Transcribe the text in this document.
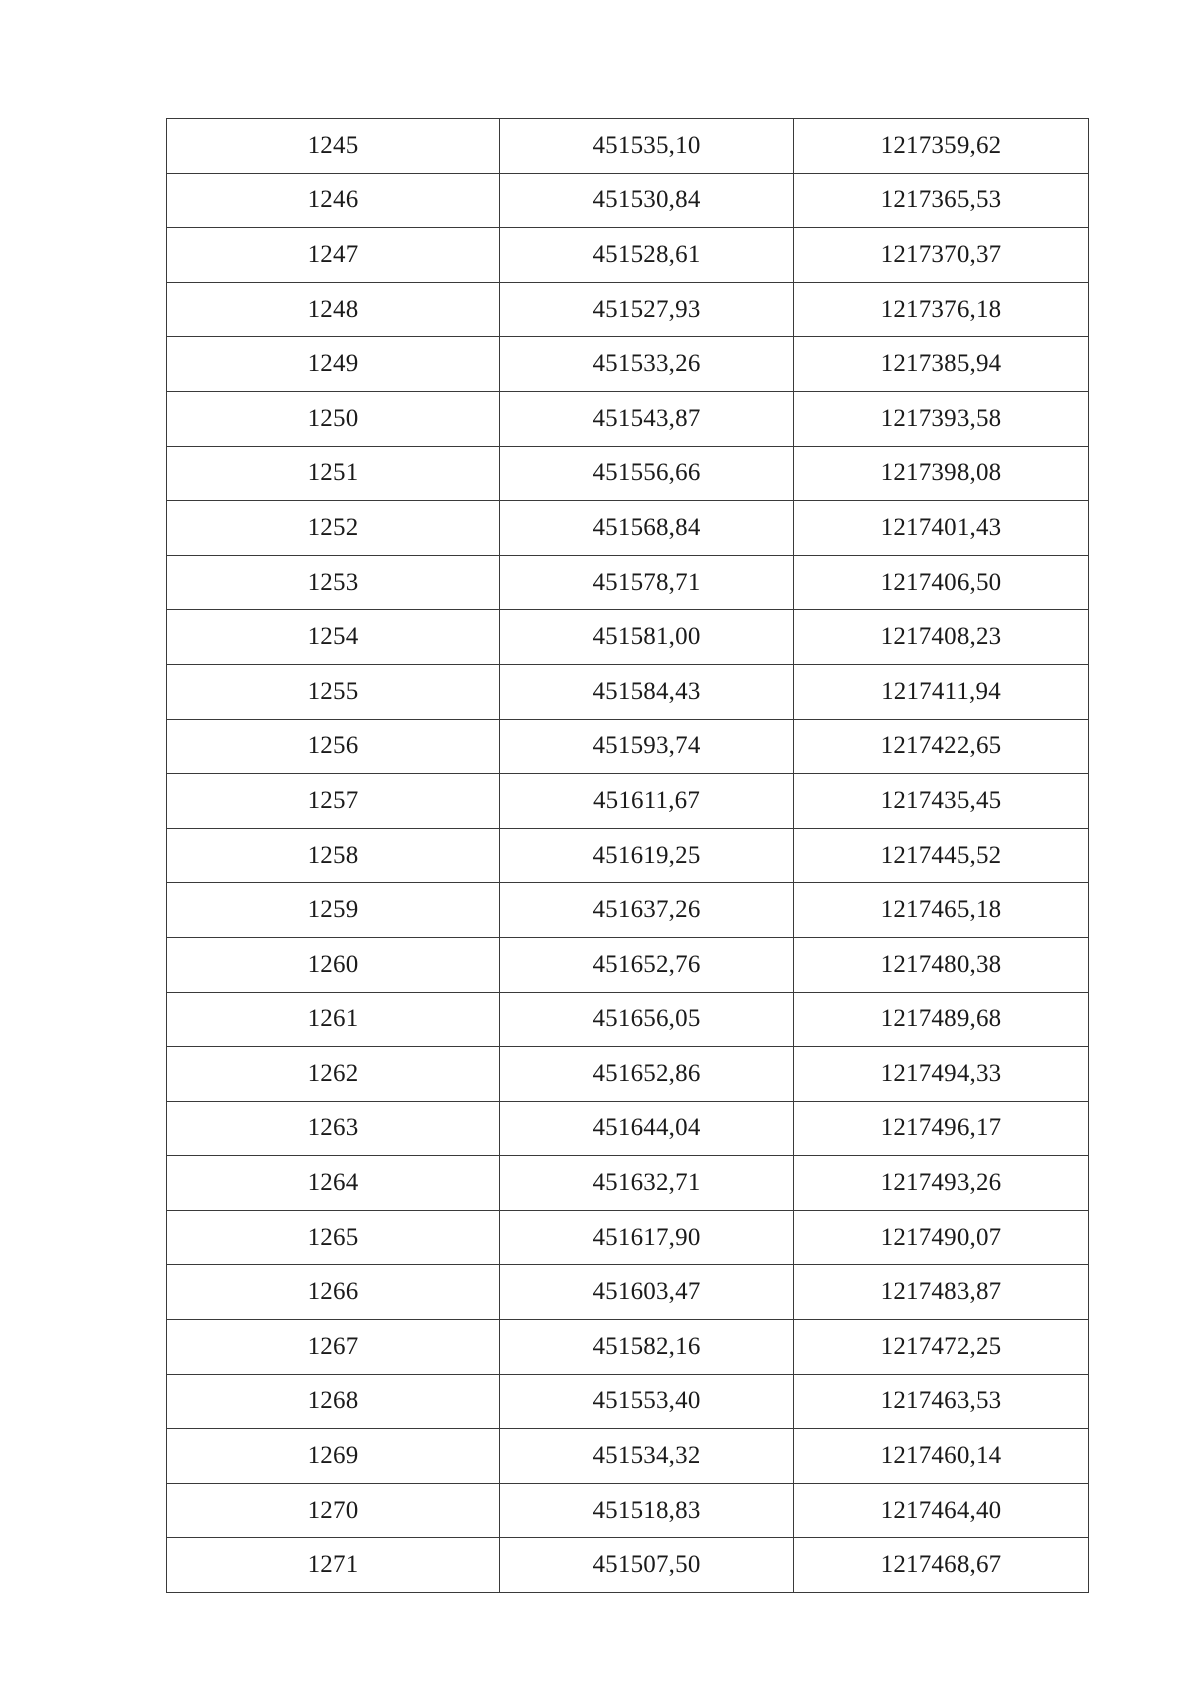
1245	451535,10	1217359,62
1246	451530,84	1217365,53
1247	451528,61	1217370,37
1248	451527,93	1217376,18
1249	451533,26	1217385,94
1250	451543,87	1217393,58
1251	451556,66	1217398,08
1252	451568,84	1217401,43
1253	451578,71	1217406,50
1254	451581,00	1217408,23
1255	451584,43	1217411,94
1256	451593,74	1217422,65
1257	451611,67	1217435,45
1258	451619,25	1217445,52
1259	451637,26	1217465,18
1260	451652,76	1217480,38
1261	451656,05	1217489,68
1262	451652,86	1217494,33
1263	451644,04	1217496,17
1264	451632,71	1217493,26
1265	451617,90	1217490,07
1266	451603,47	1217483,87
1267	451582,16	1217472,25
1268	451553,40	1217463,53
1269	451534,32	1217460,14
1270	451518,83	1217464,40
1271	451507,50	1217468,67
